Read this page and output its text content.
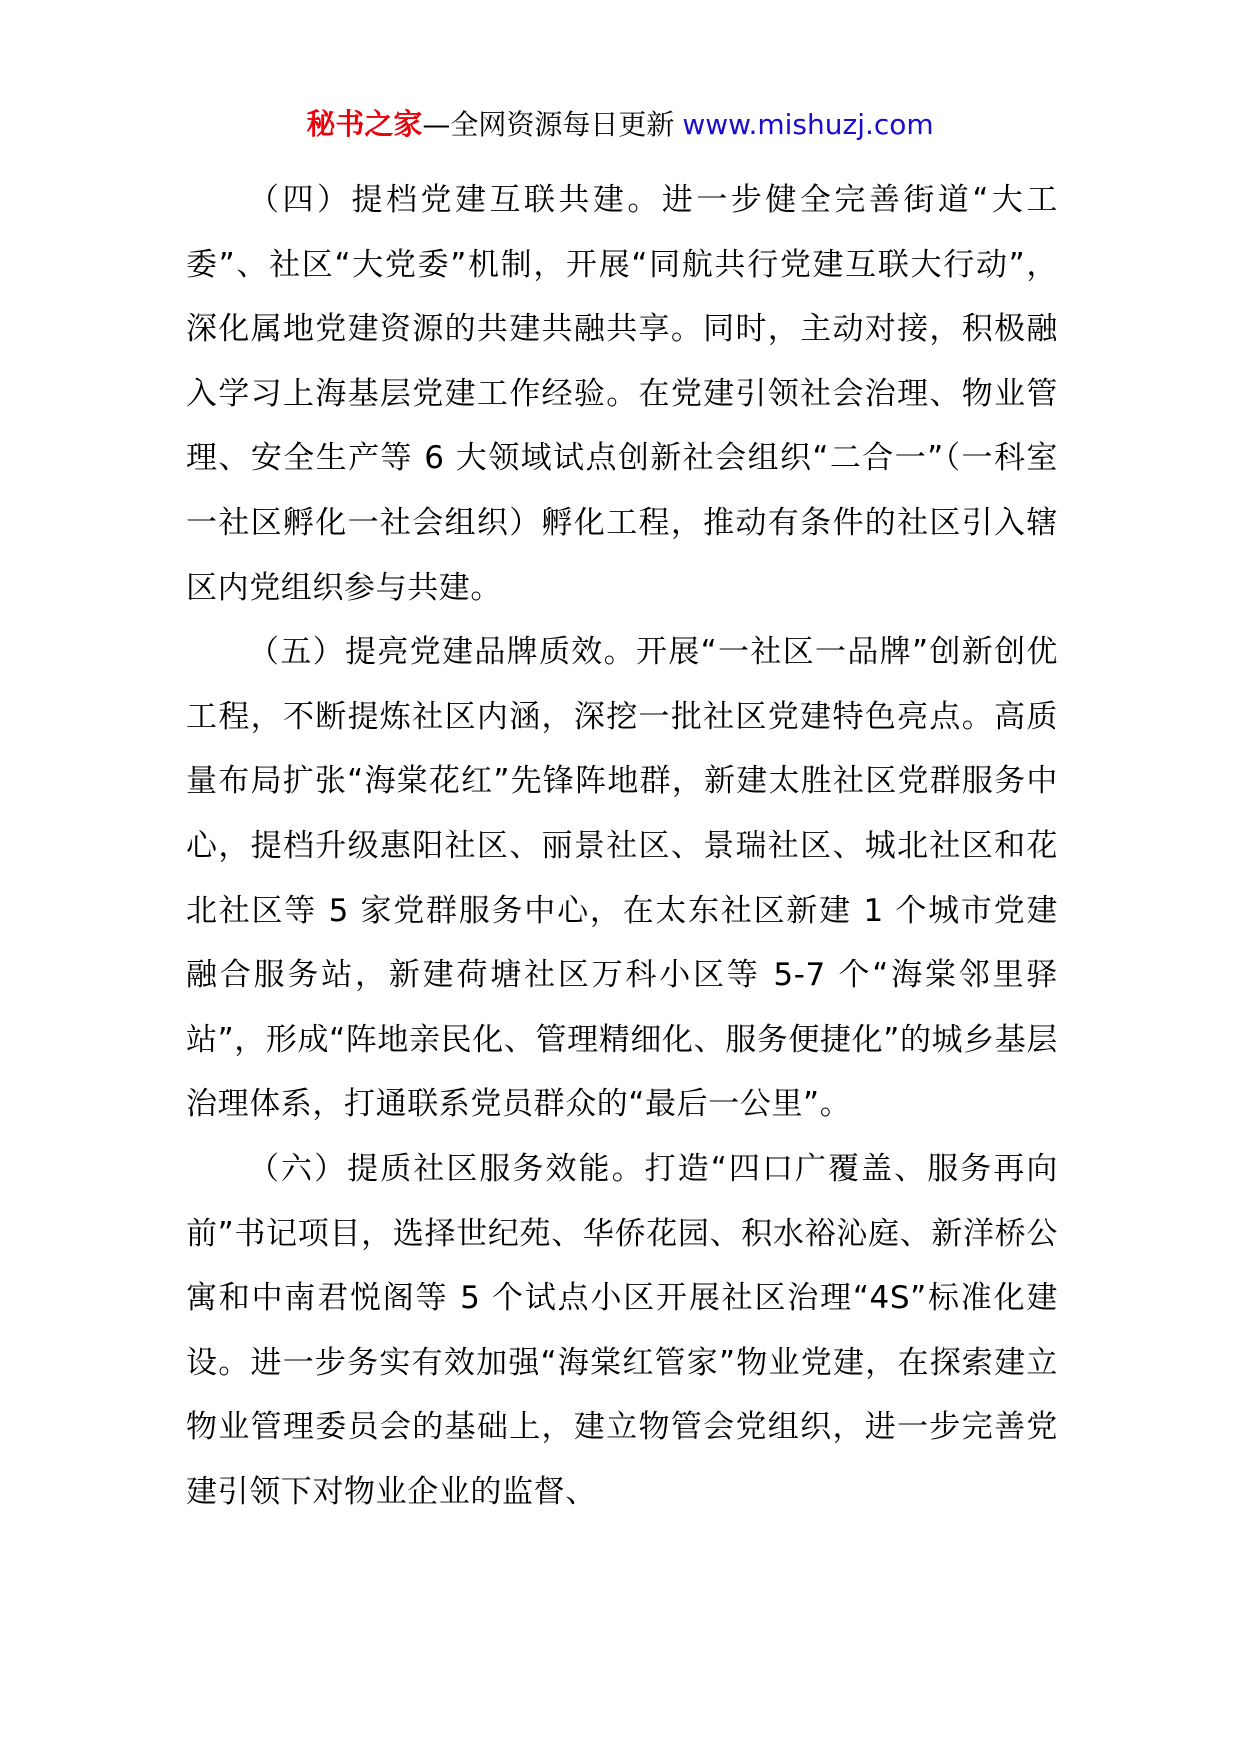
秘书之家—全网资源每日更新 www.mishuzj.com

（四）提档党建互联共建。进一步健全完善街道“大工委”、社区“大党委”机制，开展“同航共行党建互联大行动”，深化属地党建资源的共建共融共享。同时，主动对接，积极融入学习上海基层党建工作经验。在党建引领社会治理、物业管理、安全生产等 6 大领域试点创新社会组织“二合一”（一科室一社区孵化一社会组织）孵化工程，推动有条件的社区引入辖区内党组织参与共建。

（五）提亮党建品牌质效。开展“一社区一品牌”创新创优工程，不断提炼社区内涵，深挖一批社区党建特色亮点。高质量布局扩张“海棠花红”先锋阵地群，新建太胜社区党群服务中心，提档升级惠阳社区、丽景社区、景瑞社区、城北社区和花北社区等 5 家党群服务中心，在太东社区新建 1 个城市党建融合服务站，新建荷塘社区万科小区等 5-7 个“海棠邻里驿站”，形成“阵地亲民化、管理精细化、服务便捷化”的城乡基层治理体系，打通联系党员群众的“最后一公里”。

（六）提质社区服务效能。打造“四口广覆盖、服务再向前”书记项目，选择世纪苑、华侨花园、积水裕沁庭、新洋桥公寓和中南君悦阁等 5 个试点小区开展社区治理“4S”标准化建设。进一步务实有效加强“海棠红管家”物业党建，在探索建立物业管理委员会的基础上，建立物管会党组织，进一步完善党建引领下对物业企业的监督、
